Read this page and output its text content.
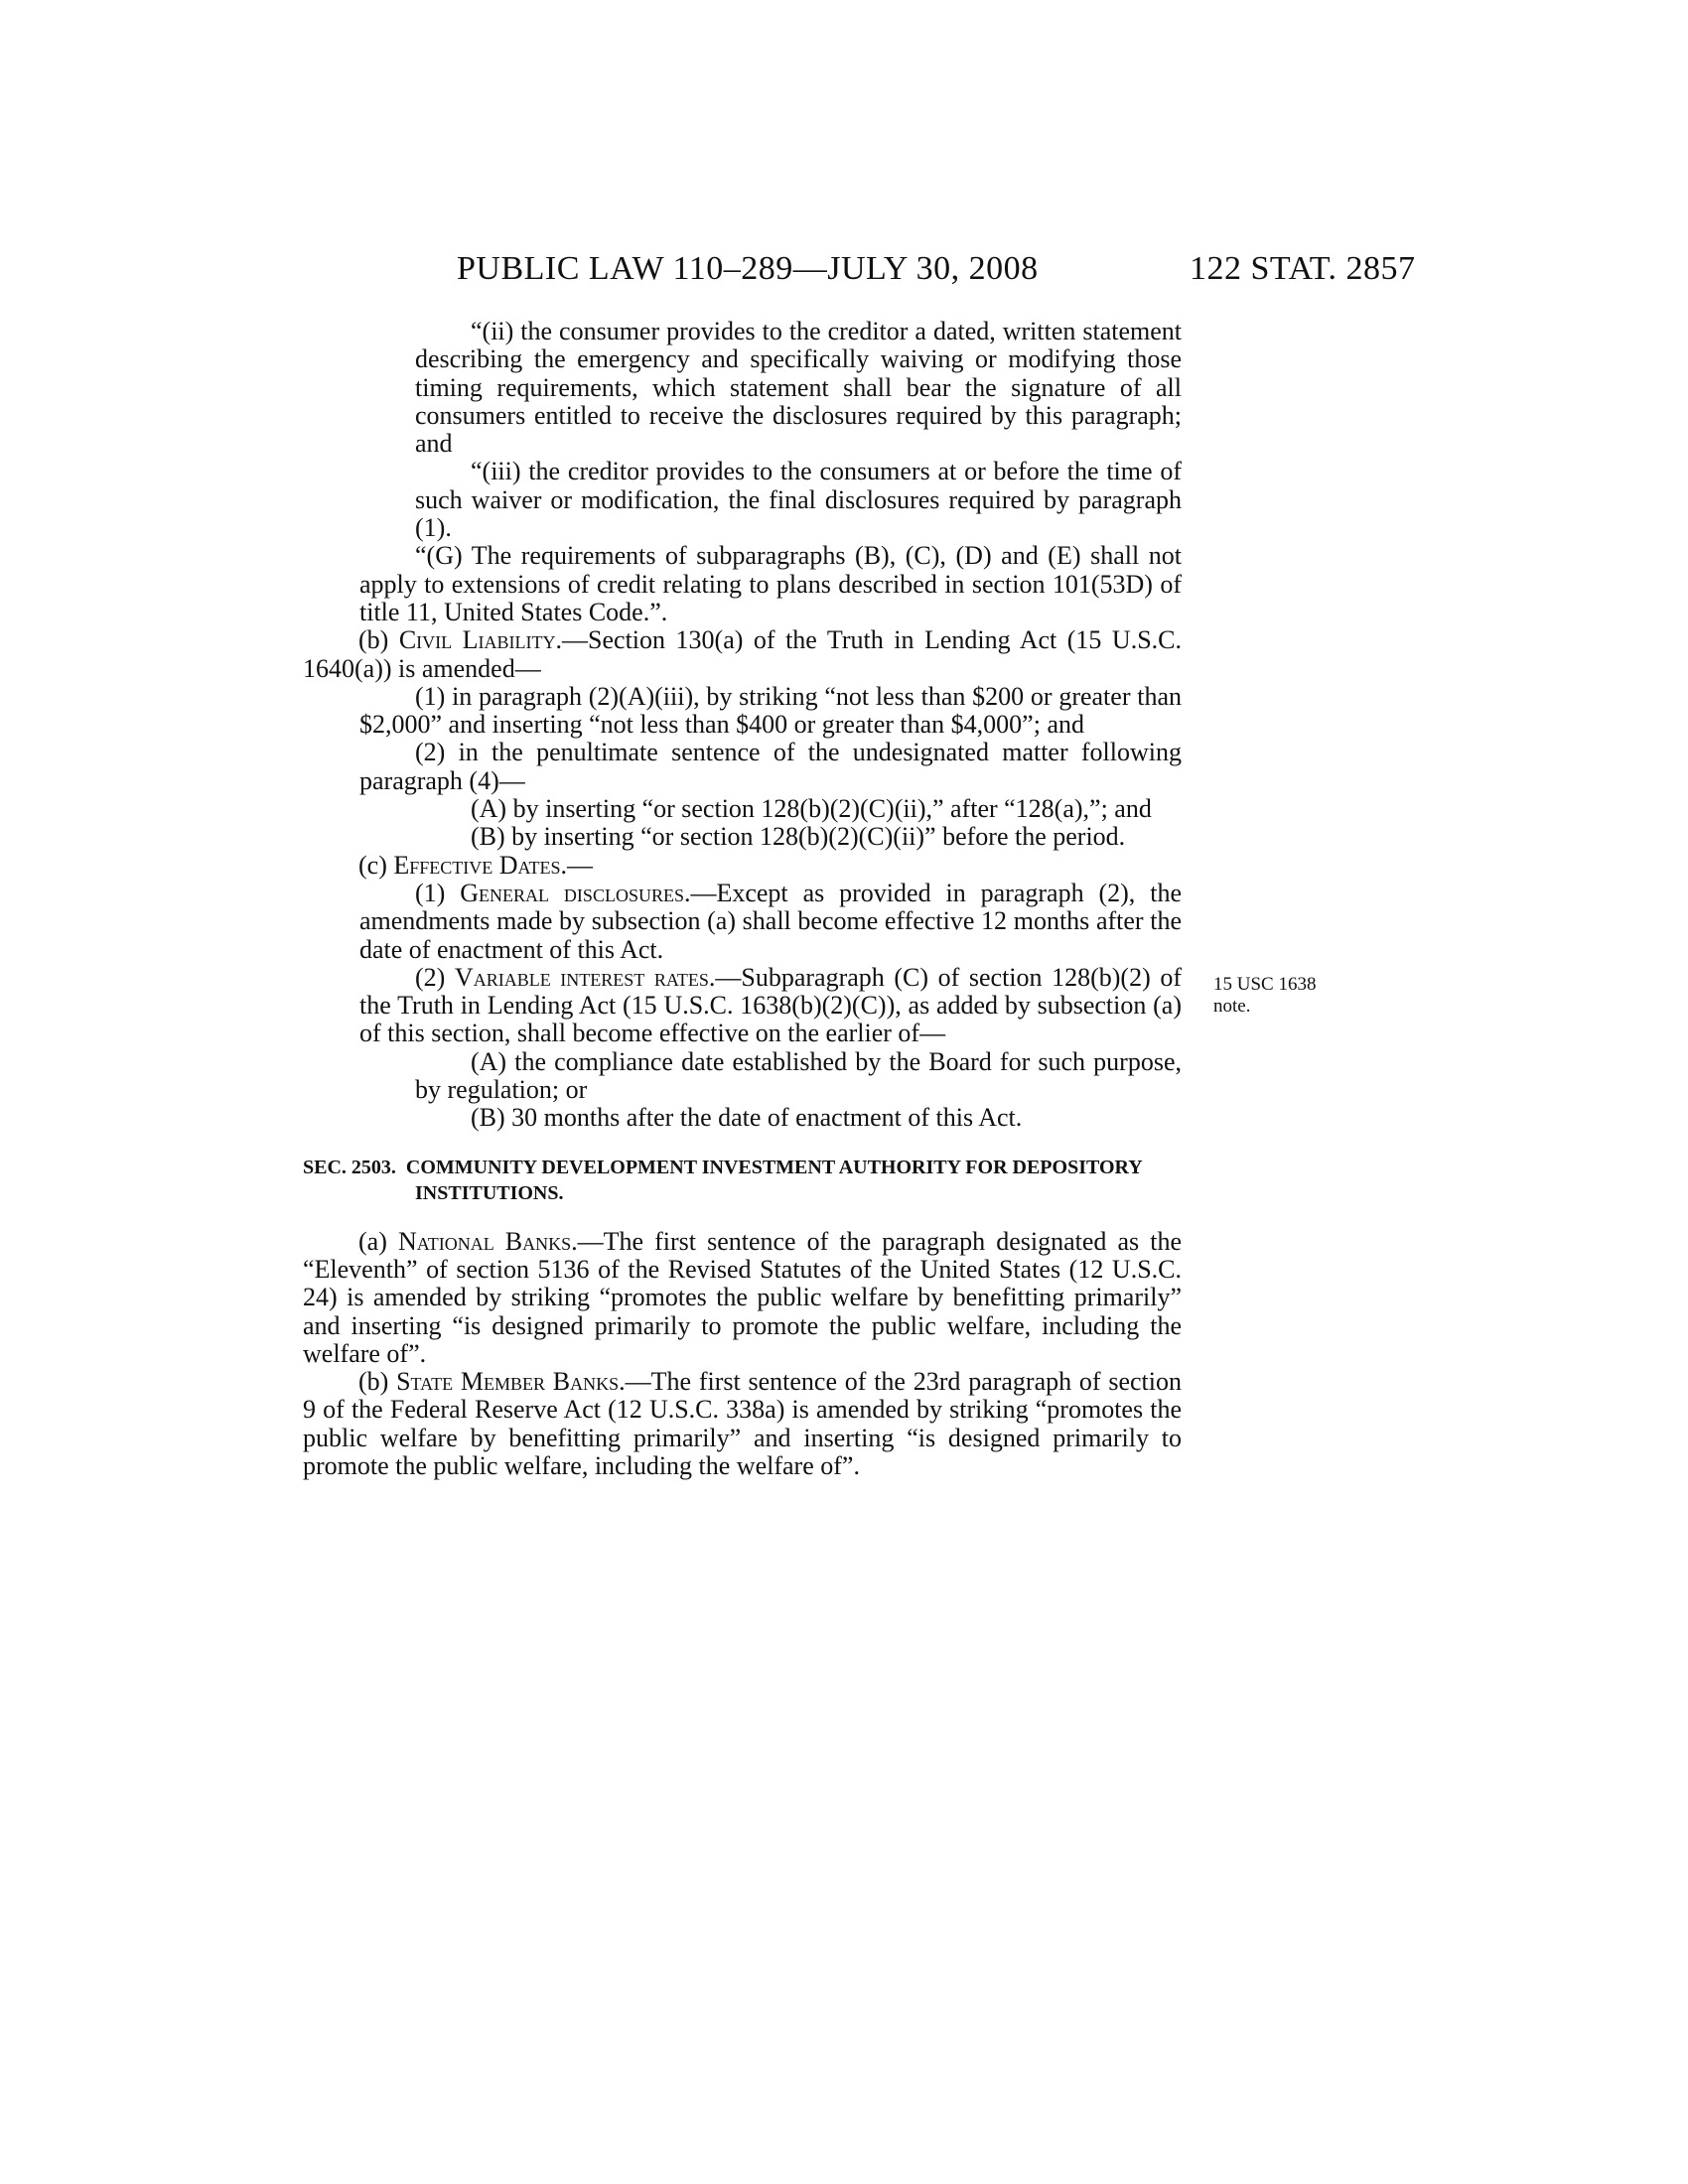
PUBLIC LAW 110–289—JULY 30, 2008	122 STAT. 2857
15 USC 1638
note.

“(ii) the consumer provides to the creditor a dated, written statement describing the emergency and specifically waiving or modifying those timing requirements, which statement shall bear the signature of all consumers entitled to receive the disclosures required by this paragraph; and

“(iii) the creditor provides to the consumers at or before the time of such waiver or modification, the final disclosures required by paragraph (1).

“(G) The requirements of subparagraphs (B), (C), (D) and (E) shall not apply to extensions of credit relating to plans described in section 101(53D) of title 11, United States Code.”.

(b) Civil Liability.—Section 130(a) of the Truth in Lending Act (15 U.S.C. 1640(a)) is amended—

(1) in paragraph (2)(A)(iii), by striking “not less than $200 or greater than $2,000” and inserting “not less than $400 or greater than $4,000”; and

(2) in the penultimate sentence of the undesignated matter following paragraph (4)—

(A) by inserting “or section 128(b)(2)(C)(ii),” after “128(a),”; and

(B) by inserting “or section 128(b)(2)(C)(ii)” before the period.

(c) Effective Dates.—

(1) General disclosures.—Except as provided in paragraph (2), the amendments made by subsection (a) shall become effective 12 months after the date of enactment of this Act.

(2) Variable interest rates.—Subparagraph (C) of section 128(b)(2) of the Truth in Lending Act (15 U.S.C. 1638(b)(2)(C)), as added by subsection (a) of this section, shall become effective on the earlier of—

(A) the compliance date established by the Board for such purpose, by regulation; or

(B) 30 months after the date of enactment of this Act.

SEC. 2503. COMMUNITY DEVELOPMENT INVESTMENT AUTHORITY FOR DEPOSITORY INSTITUTIONS.

(a) National Banks.—The first sentence of the paragraph designated as the “Eleventh” of section 5136 of the Revised Statutes of the United States (12 U.S.C. 24) is amended by striking “promotes the public welfare by benefitting primarily” and inserting “is designed primarily to promote the public welfare, including the welfare of”.

(b) State Member Banks.—The first sentence of the 23rd paragraph of section 9 of the Federal Reserve Act (12 U.S.C. 338a) is amended by striking “promotes the public welfare by benefitting primarily” and inserting “is designed primarily to promote the public welfare, including the welfare of”.
